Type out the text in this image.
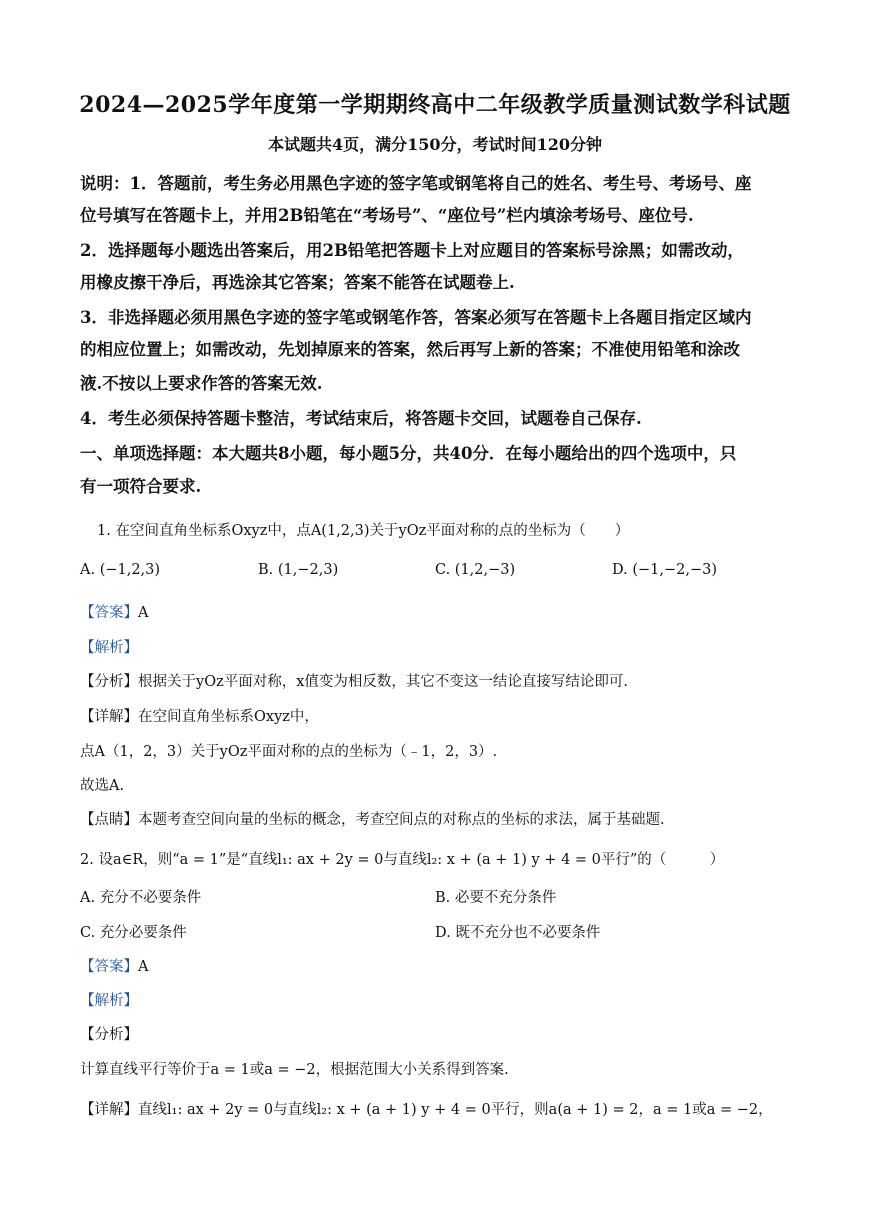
2024—2025学年度第一学期期终高中二年级教学质量测试数学科试题
本试题共4页，满分150分，考试时间120分钟
说明：1．答题前，考生务必用黑色字迹的签字笔或钢笔将自己的姓名、考生号、考场号、座
位号填写在答题卡上，并用2B铅笔在“考场号”、“座位号”栏内填涂考场号、座位号.
2．选择题每小题选出答案后，用2B铅笔把答题卡上对应题目的答案标号涂黑；如需改动，
用橡皮擦干净后，再选涂其它答案；答案不能答在试题卷上.
3．非选择题必须用黑色字迹的签字笔或钢笔作答，答案必须写在答题卡上各题目指定区域内
的相应位置上；如需改动，先划掉原来的答案，然后再写上新的答案；不准使用铅笔和涂改
液.不按以上要求作答的答案无效.
4．考生必须保持答题卡整洁，考试结束后，将答题卡交回，试题卷自己保存.
一、单项选择题：本大题共8小题，每小题5分，共40分．在每小题给出的四个选项中，只
有一项符合要求.
1. 在空间直角坐标系Oxyz中，点A(1,2,3)关于yOz平面对称的点的坐标为（　　）
A. (−1,2,3)	B. (1,−2,3)	C. (1,2,−3)	D. (−1,−2,−3)
【答案】A
【解析】
【分析】根据关于yOz平面对称，x值变为相反数，其它不变这一结论直接写结论即可.
【详解】在空间直角坐标系Oxyz中，
点A（1，2，3）关于yOz平面对称的点的坐标为（﹣1，2，3）.
故选A.
【点睛】本题考查空间向量的坐标的概念，考查空间点的对称点的坐标的求法，属于基础题.
2. 设a∈R，则“a = 1”是“直线l₁: ax + 2y = 0与直线l₂: x + (a + 1) y + 4 = 0平行”的（　　　）
A. 充分不必要条件	B. 必要不充分条件
C. 充分必要条件	D. 既不充分也不必要条件
【答案】A
【解析】
【分析】
计算直线平行等价于a = 1或a = −2，根据范围大小关系得到答案.
【详解】直线l₁: ax + 2y = 0与直线l₂: x + (a + 1) y + 4 = 0平行，则a(a + 1) = 2，a = 1或a = −2，
